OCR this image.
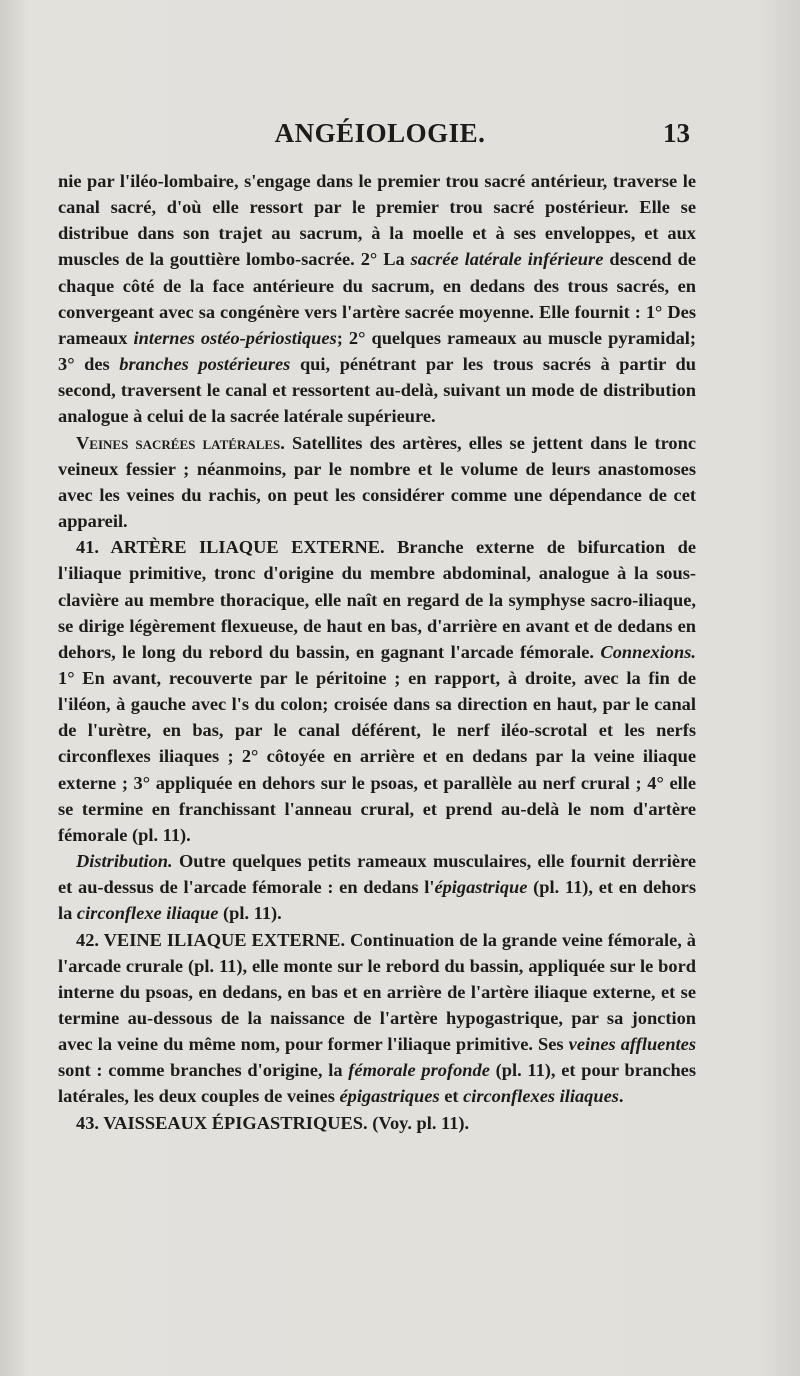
ANGÉIOLOGIE.	13

nie par l'iléo-lombaire, s'engage dans le premier trou sacré antérieur, traverse le canal sacré, d'où elle ressort par le premier trou sacré postérieur. Elle se distribue dans son trajet au sacrum, à la moelle et à ses enveloppes, et aux muscles de la gouttière lombo-sacrée. 2° La sacrée latérale inférieure descend de chaque côté de la face antérieure du sacrum, en dedans des trous sacrés, en convergeant avec sa congénère vers l'artère sacrée moyenne. Elle fournit : 1° Des rameaux internes ostéo-périostiques; 2° quelques rameaux au muscle pyramidal; 3° des branches postérieures qui, pénétrant par les trous sacrés à partir du second, traversent le canal et ressortent au-delà, suivant un mode de distribution analogue à celui de la sacrée latérale supérieure.

Veines sacrées latérales. Satellites des artères, elles se jettent dans le tronc veineux fessier ; néanmoins, par le nombre et le volume de leurs anastomoses avec les veines du rachis, on peut les considérer comme une dépendance de cet appareil.

41. ARTÈRE ILIAQUE EXTERNE. Branche externe de bifurcation de l'iliaque primitive, tronc d'origine du membre abdominal, analogue à la sous-clavière au membre thoracique, elle naît en regard de la symphyse sacro-iliaque, se dirige légèrement flexueuse, de haut en bas, d'arrière en avant et de dedans en dehors, le long du rebord du bassin, en gagnant l'arcade fémorale. Connexions. 1° En avant, recouverte par le péritoine ; en rapport, à droite, avec la fin de l'iléon, à gauche avec l's du colon; croisée dans sa direction en haut, par le canal de l'urètre, en bas, par le canal déférent, le nerf iléo-scrotal et les nerfs circonflexes iliaques ; 2° côtoyée en arrière et en dedans par la veine iliaque externe ; 3° appliquée en dehors sur le psoas, et parallèle au nerf crural ; 4° elle se termine en franchissant l'anneau crural, et prend au-delà le nom d'artère fémorale (pl. 11).

Distribution. Outre quelques petits rameaux musculaires, elle fournit derrière et au-dessus de l'arcade fémorale : en dedans l'épigastrique (pl. 11), et en dehors la circonflexe iliaque (pl. 11).

42. VEINE ILIAQUE EXTERNE. Continuation de la grande veine fémorale, à l'arcade crurale (pl. 11), elle monte sur le rebord du bassin, appliquée sur le bord interne du psoas, en dedans, en bas et en arrière de l'artère iliaque externe, et se termine au-dessous de la naissance de l'artère hypogastrique, par sa jonction avec la veine du même nom, pour former l'iliaque primitive. Ses veines affluentes sont : comme branches d'origine, la fémorale profonde (pl. 11), et pour branches latérales, les deux couples de veines épigastriques et circonflexes iliaques.

43. VAISSEAUX ÉPIGASTRIQUES. (Voy. pl. 11).
